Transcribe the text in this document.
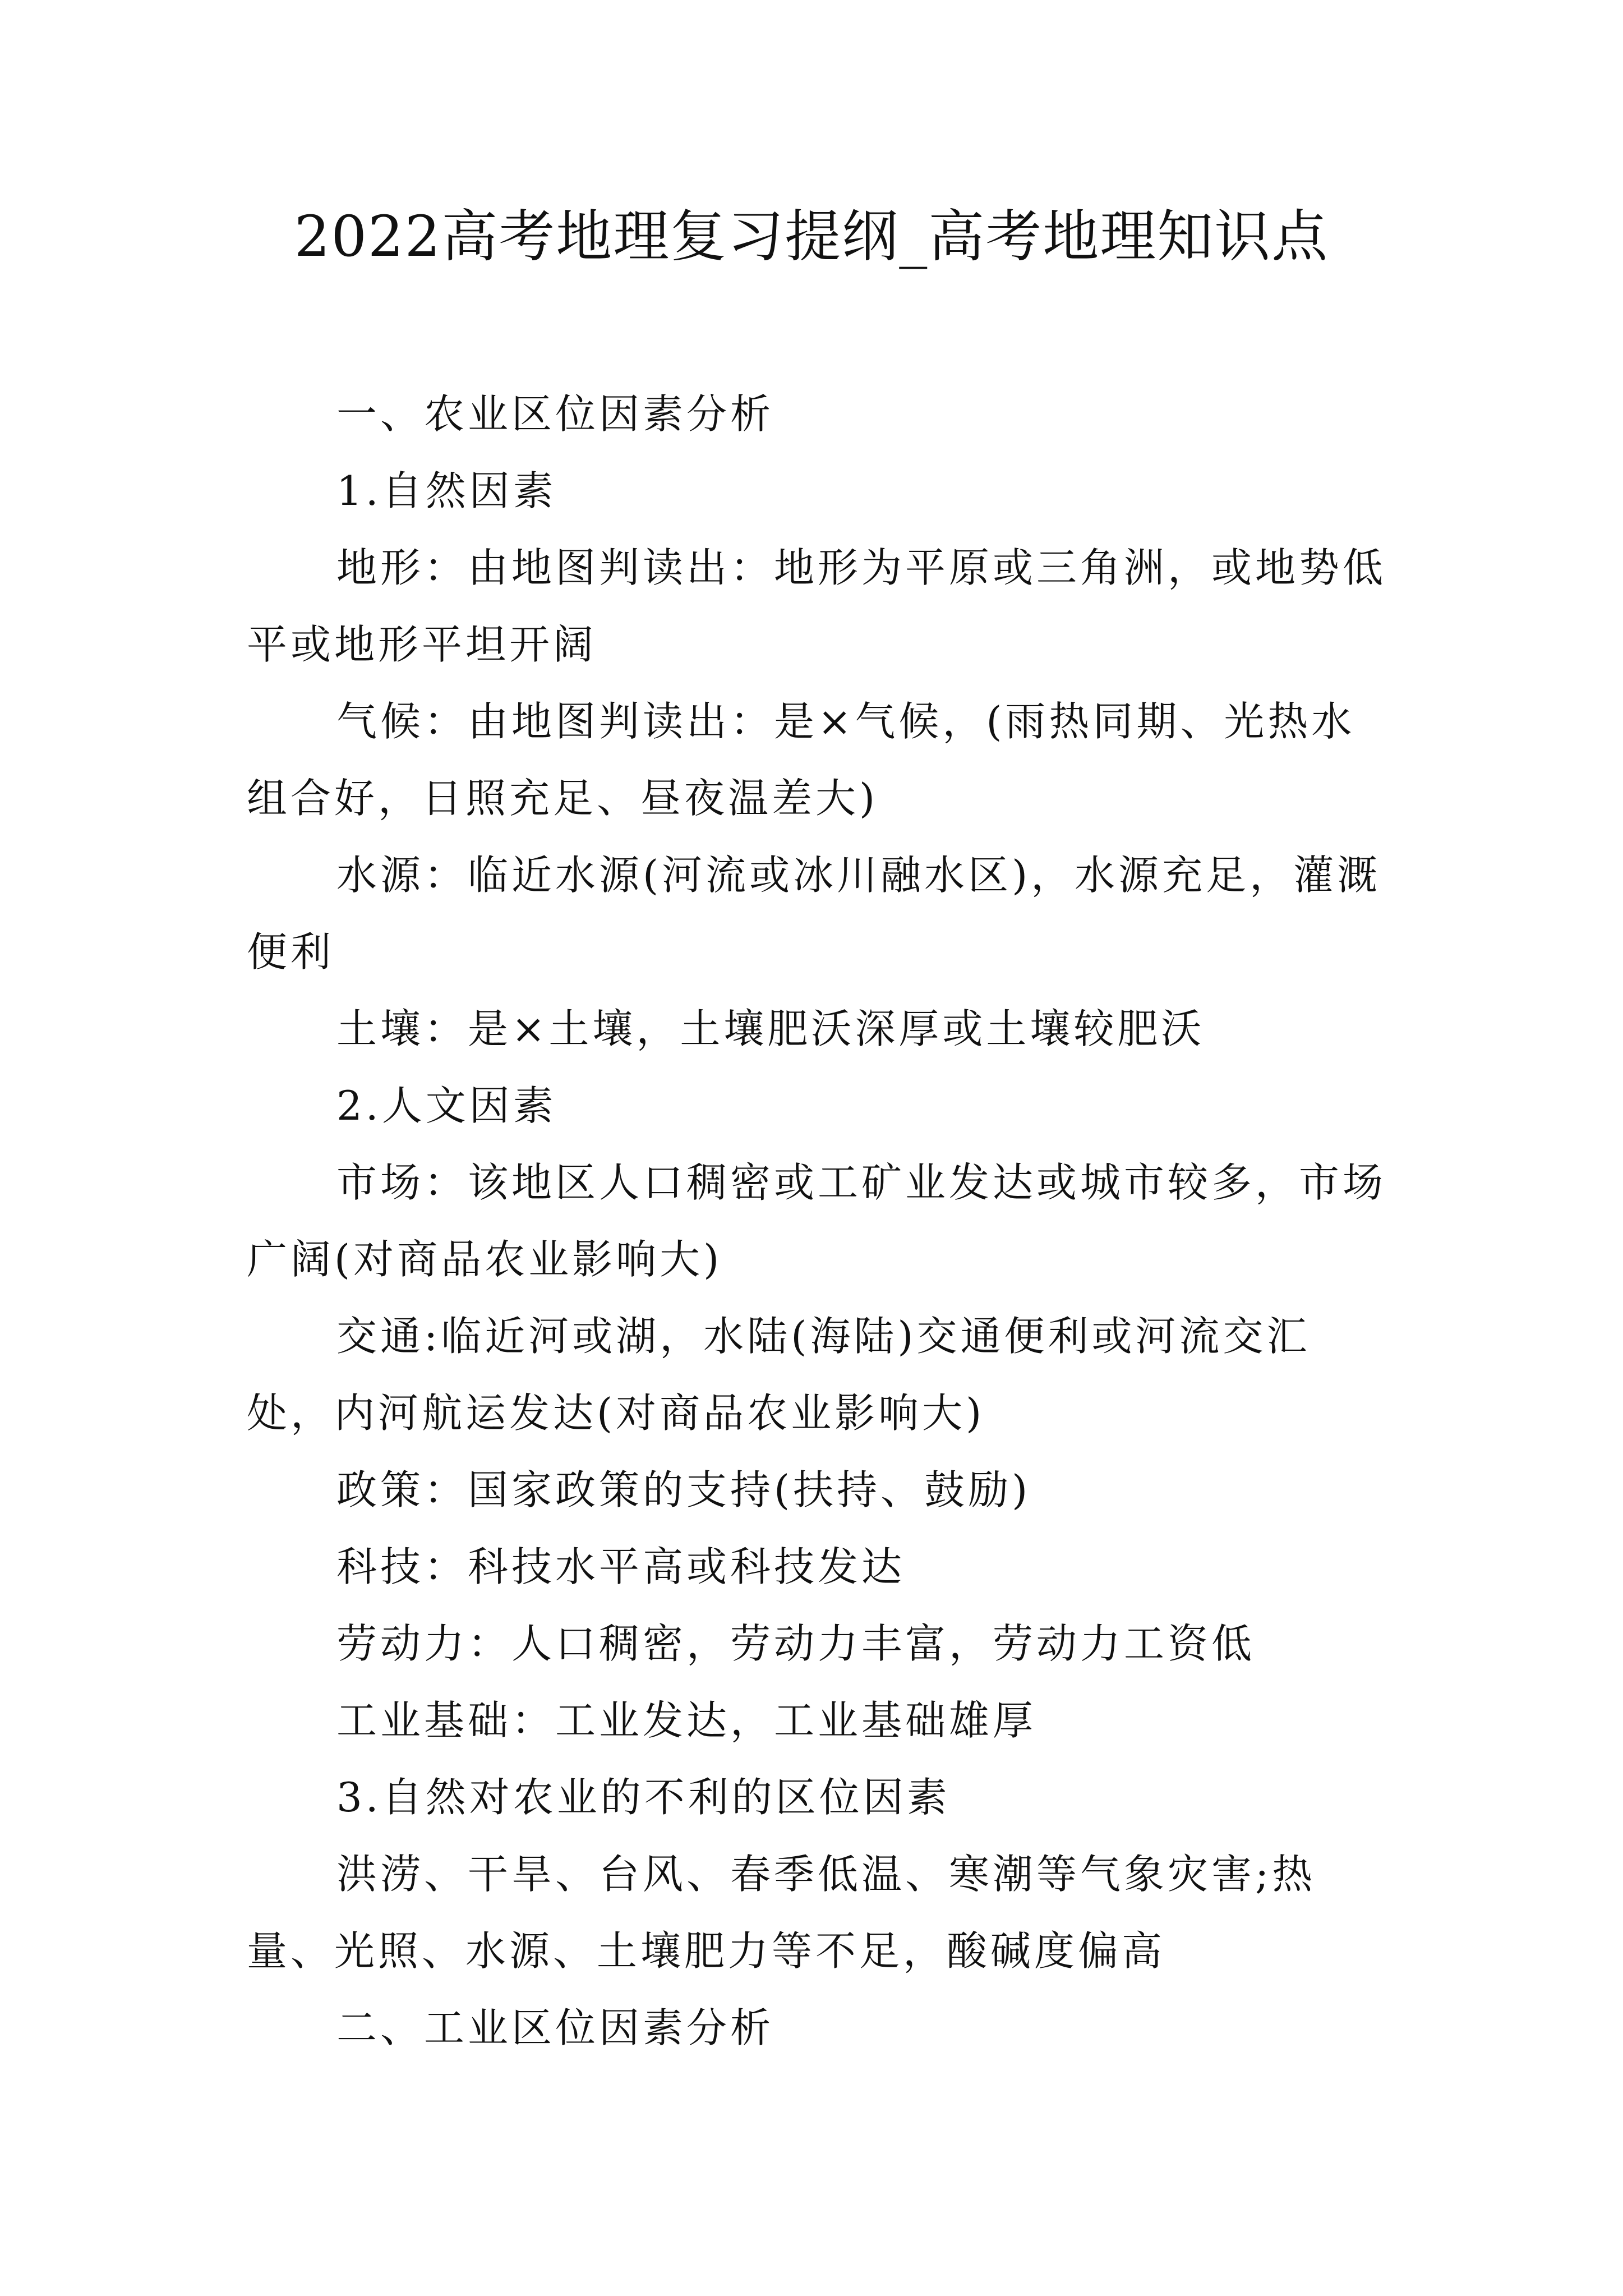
2022高考地理复习提纲_高考地理知识点

一、农业区位因素分析

1.自然因素

地形：由地图判读出：地形为平原或三角洲，或地势低平或地形平坦开阔

气候：由地图判读出：是×气候，(雨热同期、光热水组合好，日照充足、昼夜温差大)

水源：临近水源(河流或冰川融水区)，水源充足，灌溉便利

土壤：是×土壤，土壤肥沃深厚或土壤较肥沃

2.人文因素

市场：该地区人口稠密或工矿业发达或城市较多，市场广阔(对商品农业影响大)

交通:临近河或湖，水陆(海陆)交通便利或河流交汇处，内河航运发达(对商品农业影响大)

政策：国家政策的支持(扶持、鼓励)

科技：科技水平高或科技发达

劳动力：人口稠密，劳动力丰富，劳动力工资低

工业基础：工业发达，工业基础雄厚

3.自然对农业的不利的区位因素

洪涝、干旱、台风、春季低温、寒潮等气象灾害;热量、光照、水源、土壤肥力等不足，酸碱度偏高

二、工业区位因素分析
